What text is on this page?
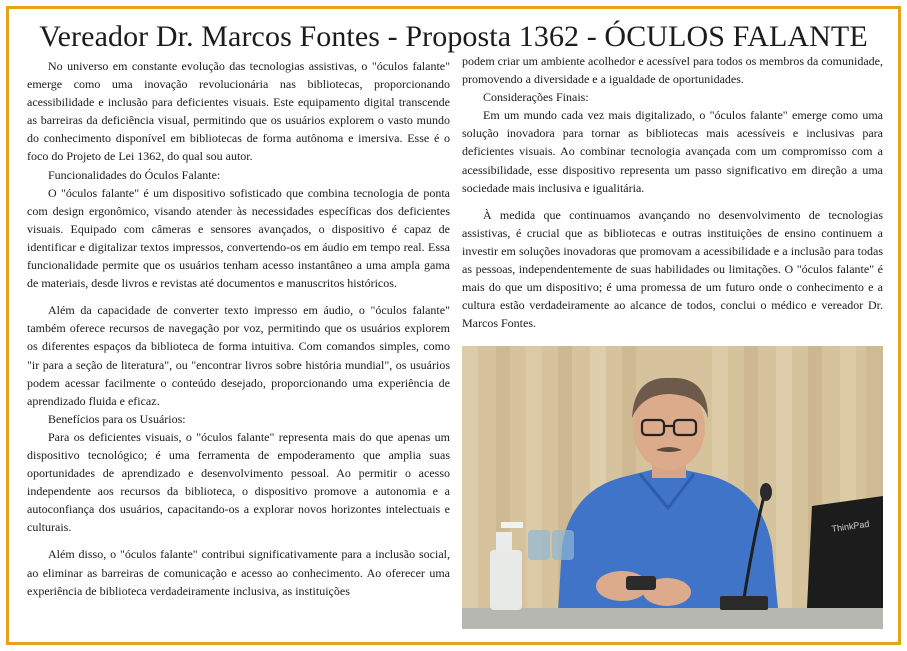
Vereador Dr. Marcos Fontes - Proposta 1362 - ÓCULOS FALANTE

No universo em constante evolução das tecnologias assistivas, o "óculos falante" emerge como uma inovação revolucionária nas bibliotecas, proporcionando acessibilidade e inclusão para deficientes visuais. Este equipamento digital transcende as barreiras da deficiência visual, permitindo que os usuários explorem o vasto mundo do conhecimento disponível em bibliotecas de forma autônoma e imersiva. Esse é o foco do Projeto de Lei 1362, do qual sou autor.

Funcionalidades do Óculos Falante:

O "óculos falante" é um dispositivo sofisticado que combina tecnologia de ponta com design ergonômico, visando atender às necessidades específicas dos deficientes visuais. Equipado com câmeras e sensores avançados, o dispositivo é capaz de identificar e digitalizar textos impressos, convertendo-os em áudio em tempo real. Essa funcionalidade permite que os usuários tenham acesso instantâneo a uma ampla gama de materiais, desde livros e revistas até documentos e manuscritos históricos.

Além da capacidade de converter texto impresso em áudio, o "óculos falante" também oferece recursos de navegação por voz, permitindo que os usuários explorem os diferentes espaços da biblioteca de forma intuitiva. Com comandos simples, como "ir para a seção de literatura", ou "encontrar livros sobre história mundial", os usuários podem acessar facilmente o conteúdo desejado, proporcionando uma experiência de aprendizado fluida e eficaz.

Benefícios para os Usuários:

Para os deficientes visuais, o "óculos falante" representa mais do que apenas um dispositivo tecnológico; é uma ferramenta de empoderamento que amplia suas oportunidades de aprendizado e desenvolvimento pessoal. Ao permitir o acesso independente aos recursos da biblioteca, o dispositivo promove a autonomia e a autoconfiança dos usuários, capacitando-os a explorar novos horizontes intelectuais e culturais.

Além disso, o "óculos falante" contribui significativamente para a inclusão social, ao eliminar as barreiras de comunicação e acesso ao conhecimento. Ao oferecer uma experiência de biblioteca verdadeiramente inclusiva, as instituições

podem criar um ambiente acolhedor e acessível para todos os membros da comunidade, promovendo a diversidade e a igualdade de oportunidades.

Considerações Finais:

Em um mundo cada vez mais digitalizado, o "óculos falante" emerge como uma solução inovadora para tornar as bibliotecas mais acessíveis e inclusivas para deficientes visuais. Ao combinar tecnologia avançada com um compromisso com a acessibilidade, esse dispositivo representa um passo significativo em direção a uma sociedade mais inclusiva e igualitária.

À medida que continuamos avançando no desenvolvimento de tecnologias assistivas, é crucial que as bibliotecas e outras instituições de ensino continuem a investir em soluções inovadoras que promovam a acessibilidade e a inclusão para todas as pessoas, independentemente de suas habilidades ou limitações. O "óculos falante" é mais do que um dispositivo; é uma promessa de um futuro onde o conhecimento e a cultura estão verdadeiramente ao alcance de todos, conclui o médico e vereador Dr. Marcos Fontes.

ThinkPad
